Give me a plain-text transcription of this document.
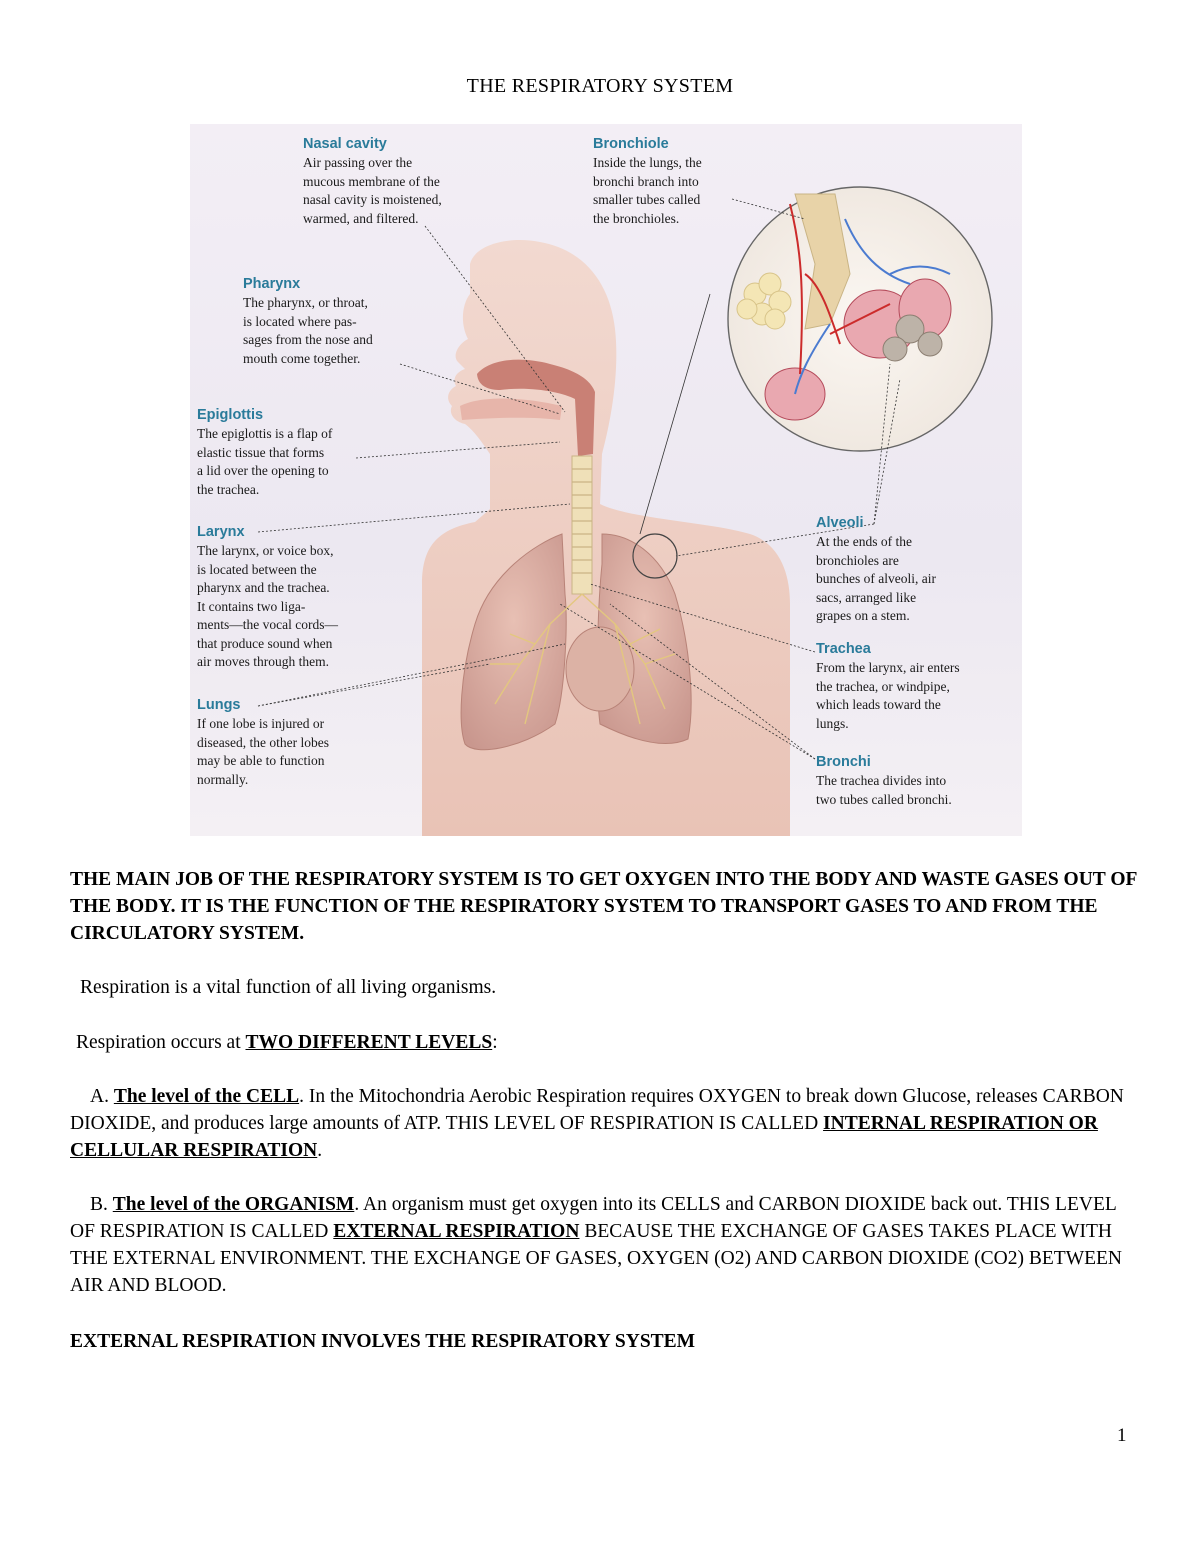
THE RESPIRATORY SYSTEM
Nasal cavity
Air passing over the
mucous membrane of the
nasal cavity is moistened,
warmed, and filtered.
Bronchiole
Inside the lungs, the
bronchi branch into
smaller tubes called
the bronchioles.
Pharynx
The pharynx, or throat,
is located where pas-
sages from the nose and
mouth come together.
Epiglottis
The epiglottis is a flap of
elastic tissue that forms
a lid over the opening to
the trachea.
Larynx
The larynx, or voice box,
is located between the
pharynx and the trachea.
It contains two liga-
ments—the vocal cords—
that produce sound when
air moves through them.
Lungs
If one lobe is injured or
diseased, the other lobes
may be able to function
normally.
Alveoli
At the ends of the
bronchioles are
bunches of alveoli, air
sacs, arranged like
grapes on a stem.
Trachea
From the larynx, air enters
the trachea, or windpipe,
which leads toward the
lungs.
Bronchi
The trachea divides into
two tubes called bronchi.
THE MAIN JOB OF THE RESPIRATORY SYSTEM IS TO GET OXYGEN INTO THE BODY AND WASTE GASES OUT OF THE BODY. IT IS THE FUNCTION OF THE RESPIRATORY SYSTEM TO TRANSPORT GASES TO AND FROM THE CIRCULATORY SYSTEM.
Respiration is a vital function of all living organisms.
Respiration occurs at TWO DIFFERENT LEVELS:
A. The level of the CELL. In the Mitochondria Aerobic Respiration requires OXYGEN to break down Glucose, releases CARBON DIOXIDE, and produces large amounts of ATP. THIS LEVEL OF RESPIRATION IS CALLED INTERNAL RESPIRATION OR CELLULAR RESPIRATION.
B. The level of the ORGANISM. An organism must get oxygen into its CELLS and CARBON DIOXIDE back out. THIS LEVEL OF RESPIRATION IS CALLED EXTERNAL RESPIRATION BECAUSE THE EXCHANGE OF GASES TAKES PLACE WITH THE EXTERNAL ENVIRONMENT. THE EXCHANGE OF GASES, OXYGEN (O2) AND CARBON DIOXIDE (CO2) BETWEEN AIR AND BLOOD.
EXTERNAL RESPIRATION INVOLVES THE RESPIRATORY SYSTEM
1
